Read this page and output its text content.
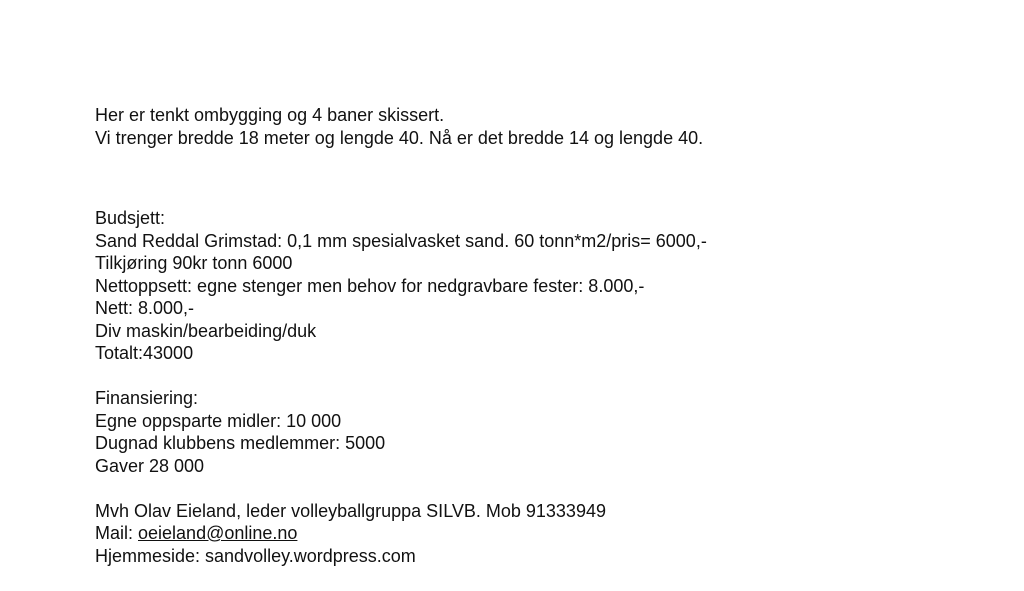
Her er tenkt ombygging og 4 baner skissert.
Vi trenger bredde 18 meter og lengde 40. Nå er det bredde 14 og lengde 40.
Budsjett:
Sand Reddal Grimstad: 0,1 mm spesialvasket sand. 60 tonn*m2/pris= 6000,-
Tilkjøring 90kr tonn 6000
Nettoppsett: egne stenger men behov for nedgravbare fester: 8.000,-
Nett: 8.000,-
Div maskin/bearbeiding/duk
Totalt:43000
Finansiering:
Egne oppsparte midler: 10 000
Dugnad klubbens medlemmer: 5000
Gaver 28 000
Mvh Olav Eieland, leder volleyballgruppa SILVB. Mob 91333949
Mail: oeieland@online.no
Hjemmeside: sandvolley.wordpress.com
